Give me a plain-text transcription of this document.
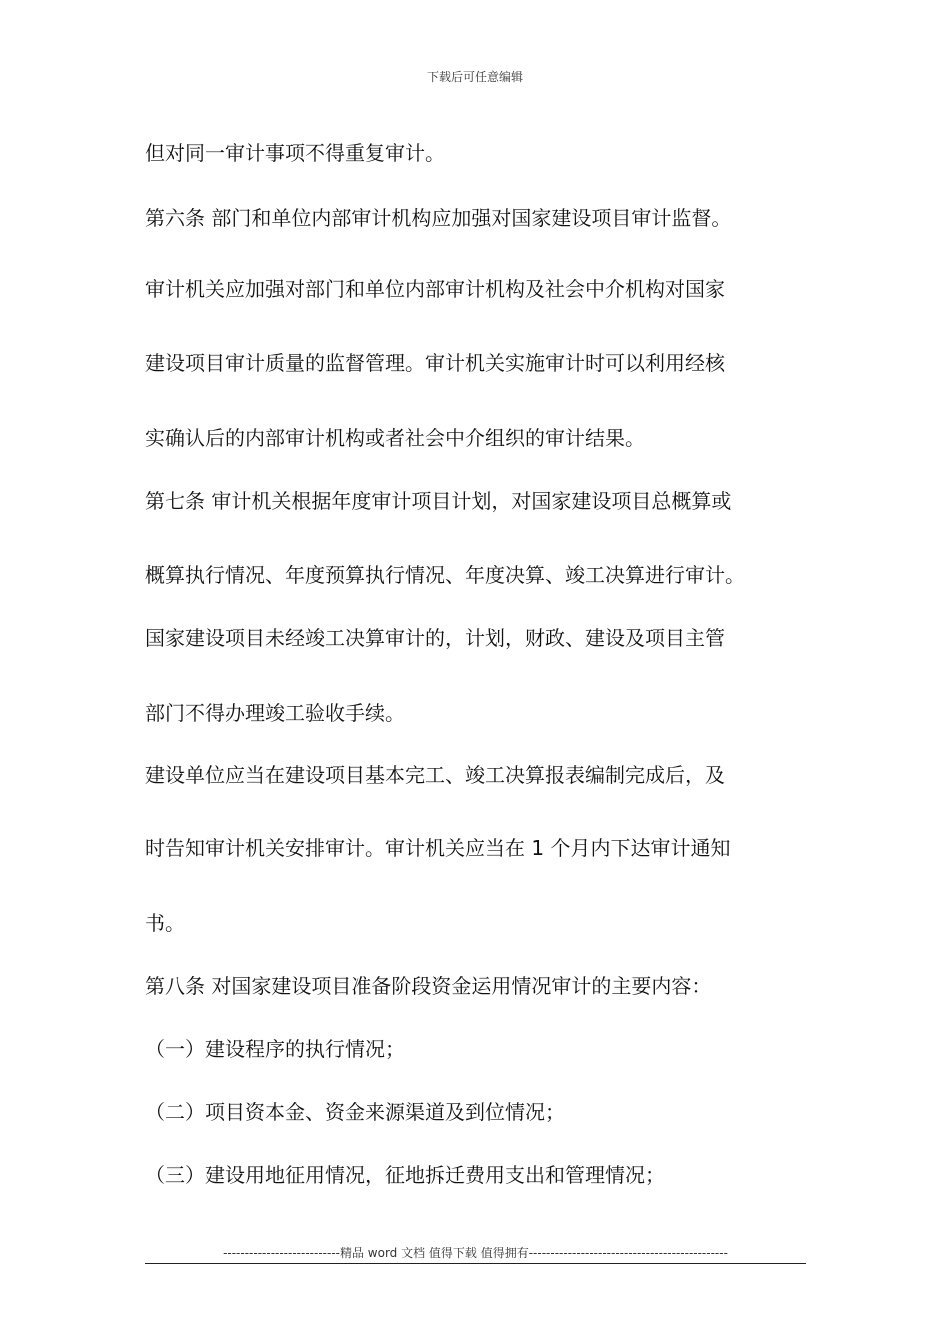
下载后可任意编辑
但对同一审计事项不得重复审计。
第六条 部门和单位内部审计机构应加强对国家建设项目审计监督。
审计机关应加强对部门和单位内部审计机构及社会中介机构对国家
建设项目审计质量的监督管理。审计机关实施审计时可以利用经核
实确认后的内部审计机构或者社会中介组织的审计结果。
第七条 审计机关根据年度审计项目计划，对国家建设项目总概算或
概算执行情况、年度预算执行情况、年度决算、竣工决算进行审计。
国家建设项目未经竣工决算审计的，计划，财政、建设及项目主管
部门不得办理竣工验收手续。
建设单位应当在建设项目基本完工、竣工决算报表编制完成后，及
时告知审计机关安排审计。审计机关应当在 1 个月内下达审计通知
书。
第八条 对国家建设项目准备阶段资金运用情况审计的主要内容：
（一）建设程序的执行情况；
（二）项目资本金、资金来源渠道及到位情况；
（三）建设用地征用情况，征地拆迁费用支出和管理情况；
---------------------------精品 word 文档 值得下载 值得拥有----------------------------------------------
